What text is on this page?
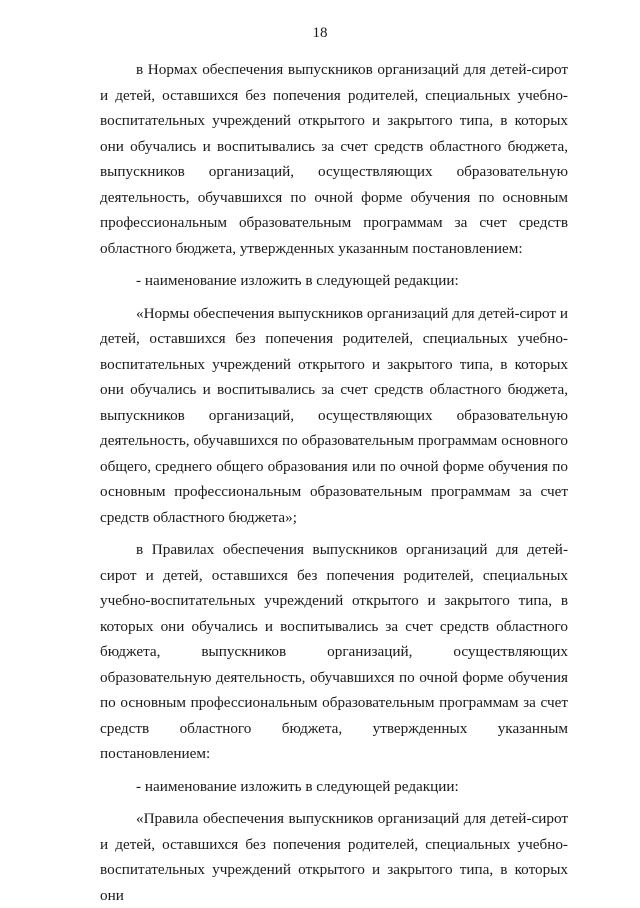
18

в Нормах обеспечения выпускников организаций для детей-сирот и детей, оставшихся без попечения родителей, специальных учебно-воспитательных учреждений открытого и закрытого типа, в которых они обучались и воспитывались за счет средств областного бюджета, выпускников организаций, осуществляющих образовательную деятельность, обучавшихся по очной форме обучения по основным профессиональным образовательным программам за счет средств областного бюджета, утвержденных указанным постановлением:

- наименование изложить в следующей редакции:

«Нормы обеспечения выпускников организаций для детей-сирот и детей, оставшихся без попечения родителей, специальных учебно-воспитательных учреждений открытого и закрытого типа, в которых они обучались и воспитывались за счет средств областного бюджета, выпускников организаций, осуществляющих образовательную деятельность, обучавшихся по образовательным программам основного общего, среднего общего образования или по очной форме обучения по основным профессиональным образовательным программам за счет средств областного бюджета»;

в Правилах обеспечения выпускников организаций для детей-сирот и детей, оставшихся без попечения родителей, специальных учебно-воспитательных учреждений открытого и закрытого типа, в которых они обучались и воспитывались за счет средств областного бюджета, выпускников организаций, осуществляющих образовательную деятельность, обучавшихся по очной форме обучения по основным профессиональным образовательным программам за счет средств областного бюджета, утвержденных указанным постановлением:

- наименование изложить в следующей редакции:

«Правила обеспечения выпускников организаций для детей-сирот и детей, оставшихся без попечения родителей, специальных учебно-воспитательных учреждений открытого и закрытого типа, в которых они
